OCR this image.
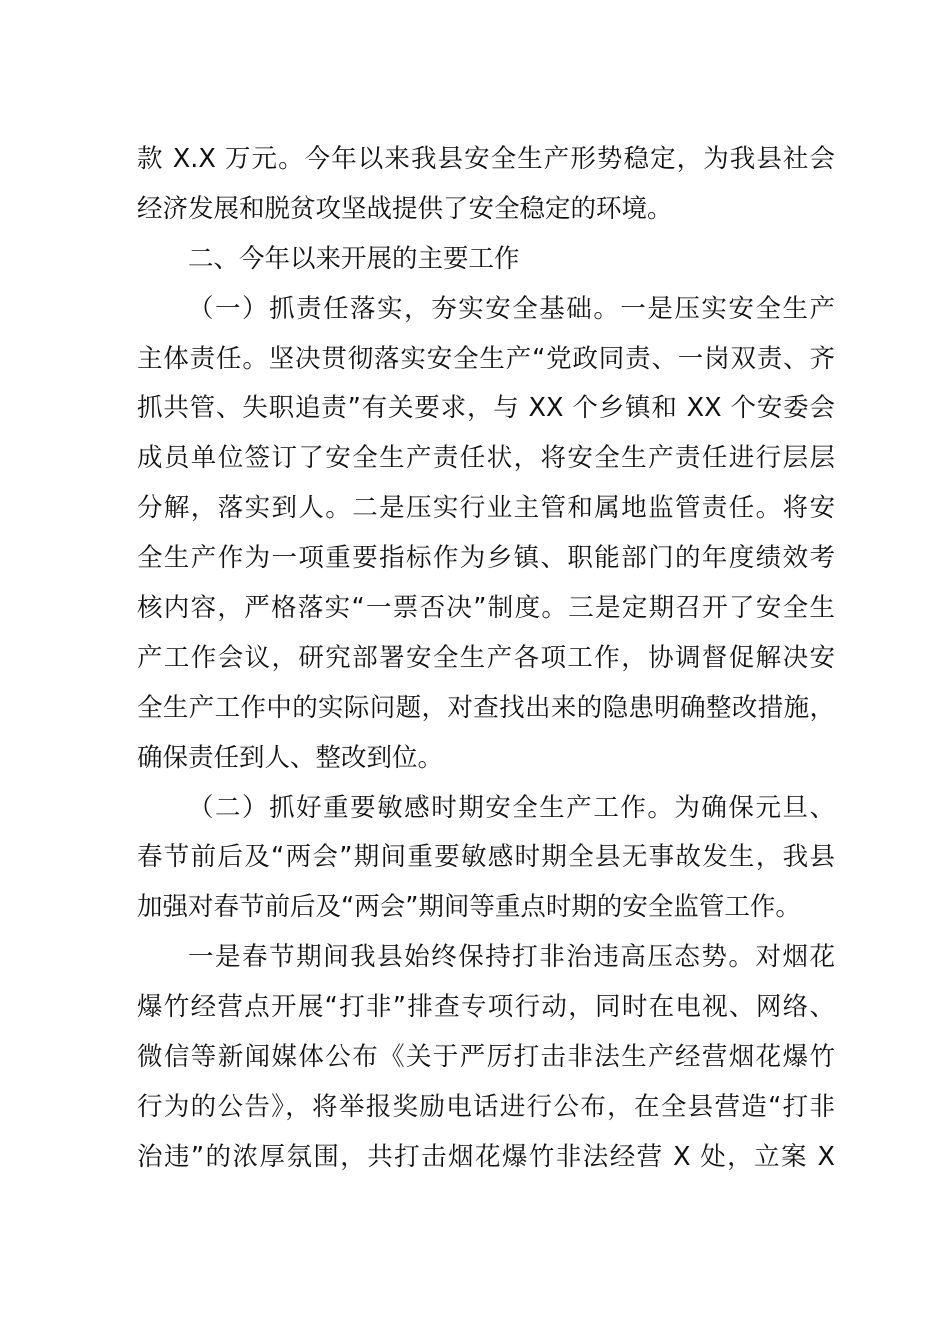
款 X.X 万元。今年以来我县安全生产形势稳定，为我县社会
经济发展和脱贫攻坚战提供了安全稳定的环境。
二、今年以来开展的主要工作
（一）抓责任落实，夯实安全基础。一是压实安全生产
主体责任。坚决贯彻落实安全生产“党政同责、一岗双责、齐
抓共管、失职追责”有关要求，与 XX 个乡镇和 XX 个安委会
成员单位签订了安全生产责任状，将安全生产责任进行层层
分解，落实到人。二是压实行业主管和属地监管责任。将安
全生产作为一项重要指标作为乡镇、职能部门的年度绩效考
核内容，严格落实“一票否决”制度。三是定期召开了安全生
产工作会议，研究部署安全生产各项工作，协调督促解决安
全生产工作中的实际问题，对查找出来的隐患明确整改措施，
确保责任到人、整改到位。
（二）抓好重要敏感时期安全生产工作。为确保元旦、
春节前后及“两会”期间重要敏感时期全县无事故发生，我县
加强对春节前后及“两会”期间等重点时期的安全监管工作。
一是春节期间我县始终保持打非治违高压态势。对烟花
爆竹经营点开展“打非”排查专项行动，同时在电视、网络、
微信等新闻媒体公布《关于严厉打击非法生产经营烟花爆竹
行为的公告》，将举报奖励电话进行公布，在全县营造“打非
治违”的浓厚氛围，共打击烟花爆竹非法经营 X 处，立案 X
